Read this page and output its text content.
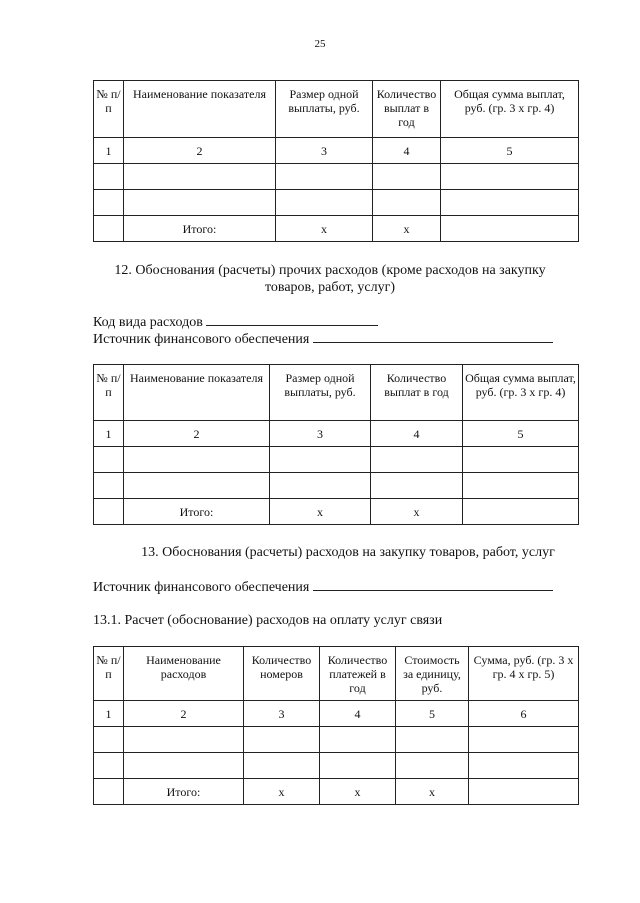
25
№ п/п	Наименование показателя	Размер одной выплаты, руб.	Количество выплат в год	Общая сумма выплат, руб. (гр. 3 х гр. 4)
1	2	3	4	5

	Итого:	х	х	
12. Обоснования (расчеты) прочих расходов (кроме расходов на закупку
товаров, работ, услуг)
Код вида расходов
Источник финансового обеспечения
№ п/п	Наименование показателя	Размер одной выплаты, руб.	Количество выплат в год	Общая сумма выплат, руб. (гр. 3 х гр. 4)
1	2	3	4	5

	Итого:	х	х	
13. Обоснования (расчеты) расходов на закупку товаров, работ, услуг
Источник финансового обеспечения
13.1. Расчет (обоснование) расходов на оплату услуг связи
№ п/п	Наименование расходов	Количество номеров	Количество платежей в год	Стоимость за единицу, руб.	Сумма, руб. (гр. 3 х гр. 4 х гр. 5)
1	2	3	4	5	6

	Итого:	х	х	х	
